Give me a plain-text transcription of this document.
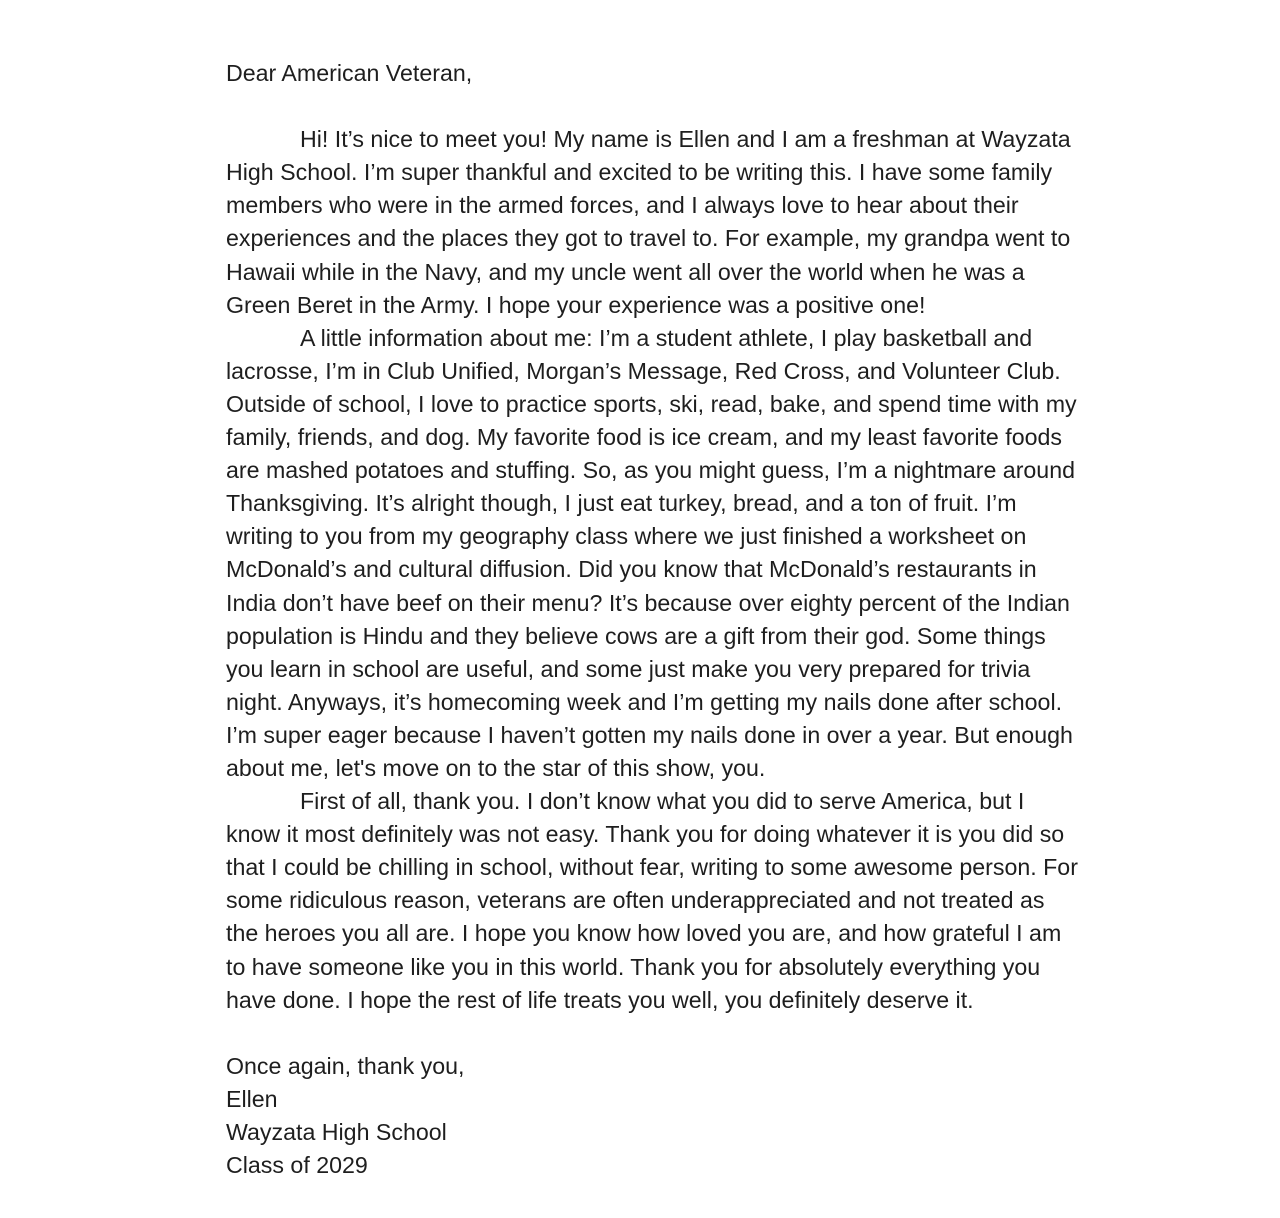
Dear American Veteran,
Hi! It’s nice to meet you! My name is Ellen and I am a freshman at Wayzata
High School. I’m super thankful and excited to be writing this. I have some family
members who were in the armed forces, and I always love to hear about their
experiences and the places they got to travel to. For example, my grandpa went to
Hawaii while in the Navy, and my uncle went all over the world when he was a
Green Beret in the Army. I hope your experience was a positive one!
A little information about me: I’m a student athlete, I play basketball and
lacrosse, I’m in Club Unified, Morgan’s Message, Red Cross, and Volunteer Club.
Outside of school, I love to practice sports, ski, read, bake, and spend time with my
family, friends, and dog. My favorite food is ice cream, and my least favorite foods
are mashed potatoes and stuffing. So, as you might guess, I’m a nightmare around
Thanksgiving. It’s alright though, I just eat turkey, bread, and a ton of fruit. I’m
writing to you from my geography class where we just finished a worksheet on
McDonald’s and cultural diffusion. Did you know that McDonald’s restaurants in
India don’t have beef on their menu? It’s because over eighty percent of the Indian
population is Hindu and they believe cows are a gift from their god. Some things
you learn in school are useful, and some just make you very prepared for trivia
night. Anyways, it’s homecoming week and I’m getting my nails done after school.
I’m super eager because I haven’t gotten my nails done in over a year. But enough
about me, let's move on to the star of this show, you.
First of all, thank you. I don’t know what you did to serve America, but I
know it most definitely was not easy. Thank you for doing whatever it is you did so
that I could be chilling in school, without fear, writing to some awesome person. For
some ridiculous reason, veterans are often underappreciated and not treated as
the heroes you all are. I hope you know how loved you are, and how grateful I am
to have someone like you in this world. Thank you for absolutely everything you
have done. I hope the rest of life treats you well, you definitely deserve it.
Once again, thank you,
Ellen
Wayzata High School
Class of 2029
